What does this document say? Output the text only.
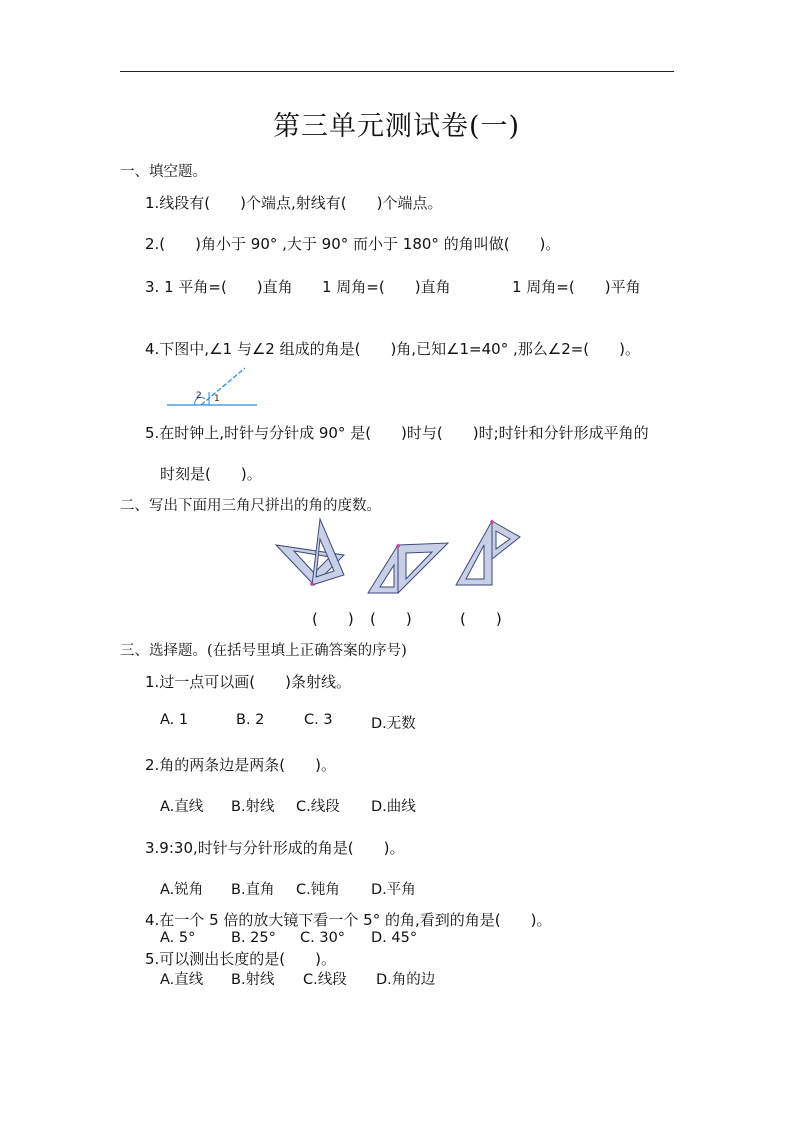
第三单元测试卷(一)
一、填空题。
1.线段有(　　)个端点,射线有(　　)个端点。
2.(　　)角小于 90° ,大于 90° 而小于 180° 的角叫做(　　)。
3. 1 平角=(　　)直角 1 周角=(　　)直角	1 周角=(　　)平角
4.下图中,∠1 与∠2 组成的角是(　　)角,已知∠1=40° ,那么∠2=(　　)。
2 1
5.在时钟上,时针与分针成 90° 是(　　)时与(　　)时;时针和分针形成平角的
时刻是(　　)。
二、写出下面用三角尺拼出的角的度数。
(　　) (　　)	(　　)
三、选择题。(在括号里填上正确答案的序号)
1.过一点可以画(　　)条射线。
A. 1	B. 2	C. 3	D.无数
2.角的两条边是两条(　　)。
A.直线 B.射线 C.线段 D.曲线
3.9:30,时针与分针形成的角是(　　)。
A.锐角 B.直角 C.钝角 D.平角
4.在一个 5 倍的放大镜下看一个 5° 的角,看到的角是(　　)。
A. 5° B. 25° C. 30° D. 45°
5.可以测出长度的是(　　)。
A.直线 B.射线 C.线段 D.角的边
